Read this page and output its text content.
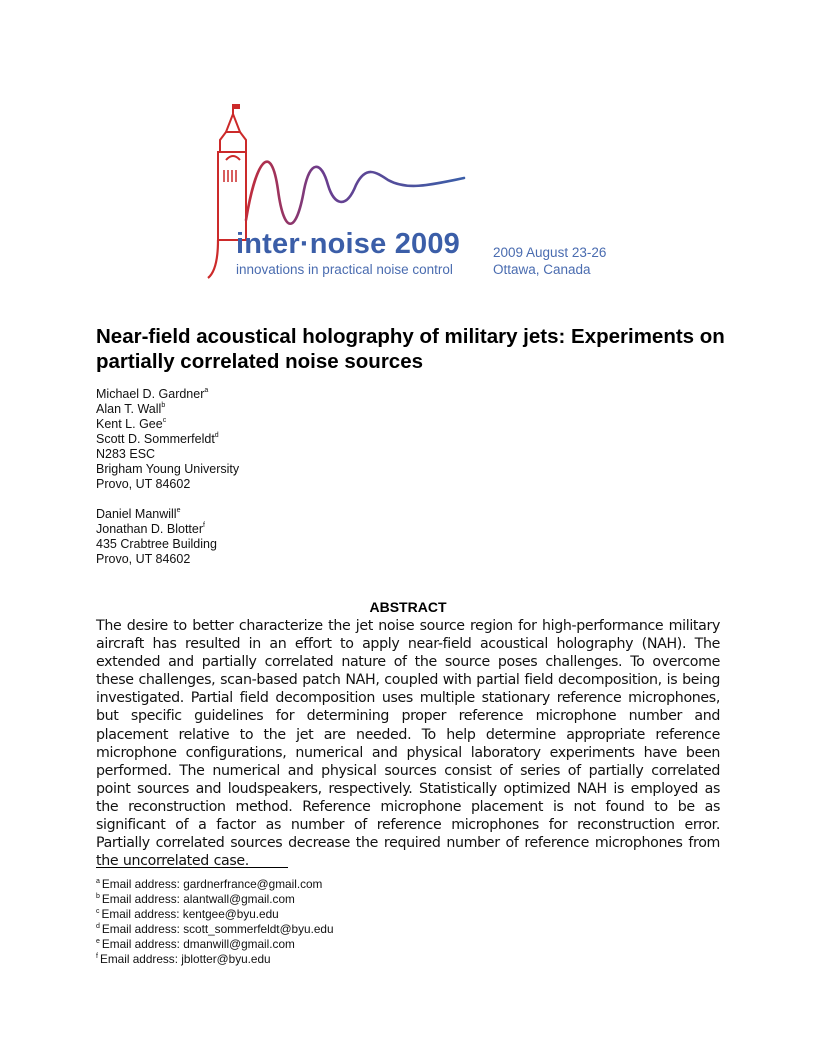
inter·noise 2009
innovations in practical noise control
2009 August 23-26
Ottawa, Canada
Near-field acoustical holography of military jets: Experiments on partially correlated noise sources
Michael D. Gardner$^a$
Alan T. Wall$^b$
Kent L. Gee$^c$
Scott D. Sommerfeldt$^d$
N283 ESC
Brigham Young University
Provo, UT 84602
Daniel Manwill$^e$
Jonathan D. Blotter$^f$
435 Crabtree Building
Provo, UT 84602
ABSTRACT

The desire to better characterize the jet noise source region for high-performance military aircraft has resulted in an effort to apply near-field acoustical holography (NAH). The extended and partially correlated nature of the source poses challenges. To overcome these challenges, scan-based patch NAH, coupled with partial field decomposition, is being investigated. Partial field decomposition uses multiple stationary reference microphones, but specific guidelines for determining proper reference microphone number and placement relative to the jet are needed. To help determine appropriate reference microphone configurations, numerical and physical laboratory experiments have been performed. The numerical and physical sources consist of series of partially correlated point sources and loudspeakers, respectively. Statistically optimized NAH is employed as the reconstruction method. Reference microphone placement is not found to be as significant of a factor as number of reference microphones for reconstruction error. Partially correlated sources decrease the required number of reference microphones from the uncorrelated case.

$^a$ Email address: gardnerfrance@gmail.com
$^b$ Email address: alantwall@gmail.com
$^c$ Email address: kentgee@byu.edu
$^d$ Email address: scott_sommerfeldt@byu.edu
$^e$ Email address: dmanwill@gmail.com
$^f$ Email address: jblotter@byu.edu
